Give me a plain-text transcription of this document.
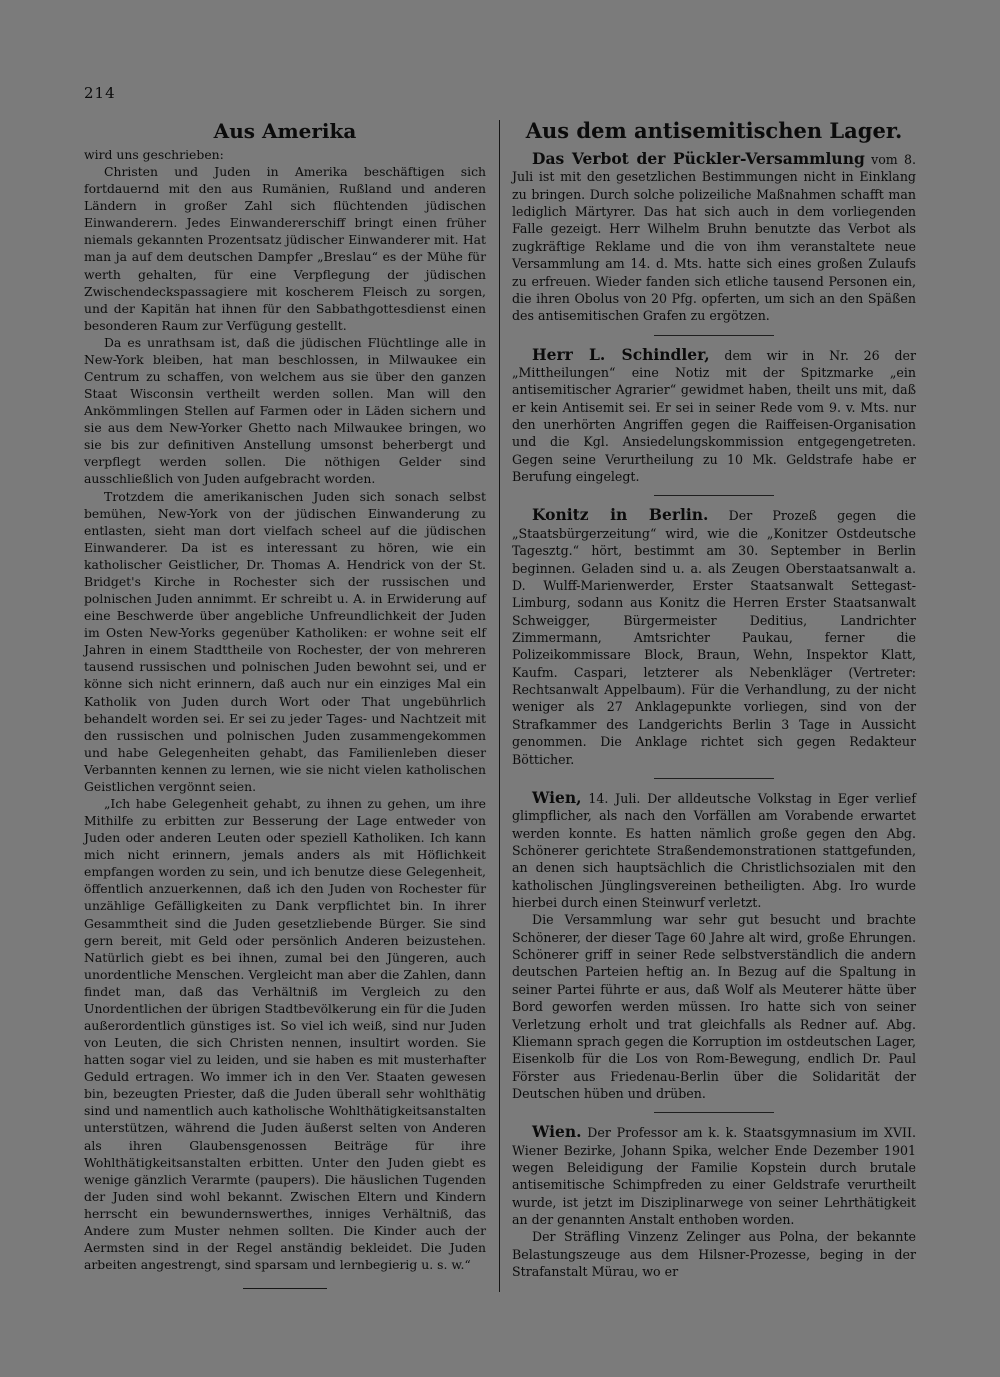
214
Aus Amerika

wird uns geschrieben:

Christen und Juden in Amerika beschäftigen sich fortdauernd mit den aus Rumänien, Rußland und anderen Ländern in großer Zahl sich flüchtenden jüdischen Einwanderern. Jedes Einwandererschiff bringt einen früher niemals gekannten Prozentsatz jüdischer Einwanderer mit. Hat man ja auf dem deutschen Dampfer „Breslau“ es der Mühe für werth gehalten, für eine Verpflegung der jüdischen Zwischendeckspassagiere mit koscherem Fleisch zu sorgen, und der Kapitän hat ihnen für den Sabbathgottesdienst einen besonderen Raum zur Verfügung gestellt.

Da es unrathsam ist, daß die jüdischen Flüchtlinge alle in New-York bleiben, hat man beschlossen, in Milwaukee ein Centrum zu schaffen, von welchem aus sie über den ganzen Staat Wisconsin vertheilt werden sollen. Man will den Ankömmlingen Stellen auf Farmen oder in Läden sichern und sie aus dem New-Yorker Ghetto nach Milwaukee bringen, wo sie bis zur definitiven Anstellung umsonst beherbergt und verpflegt werden sollen. Die nöthigen Gelder sind ausschließlich von Juden aufgebracht worden.

Trotzdem die amerikanischen Juden sich sonach selbst bemühen, New-York von der jüdischen Einwanderung zu entlasten, sieht man dort vielfach scheel auf die jüdischen Einwanderer. Da ist es interessant zu hören, wie ein katholischer Geistlicher, Dr. Thomas A. Hendrick von der St. Bridget's Kirche in Rochester sich der russischen und polnischen Juden annimmt. Er schreibt u. A. in Erwiderung auf eine Beschwerde über angebliche Unfreundlichkeit der Juden im Osten New-Yorks gegenüber Katholiken: er wohne seit elf Jahren in einem Stadttheile von Rochester, der von mehreren tausend russischen und polnischen Juden bewohnt sei, und er könne sich nicht erinnern, daß auch nur ein einziges Mal ein Katholik von Juden durch Wort oder That ungebührlich behandelt worden sei. Er sei zu jeder Tages- und Nachtzeit mit den russischen und polnischen Juden zusammengekommen und habe Gelegenheiten gehabt, das Familienleben dieser Verbannten kennen zu lernen, wie sie nicht vielen katholischen Geistlichen vergönnt seien.

„Ich habe Gelegenheit gehabt, zu ihnen zu gehen, um ihre Mithilfe zu erbitten zur Besserung der Lage entweder von Juden oder anderen Leuten oder speziell Katholiken. Ich kann mich nicht erinnern, jemals anders als mit Höflichkeit empfangen worden zu sein, und ich benutze diese Gelegenheit, öffentlich anzuerkennen, daß ich den Juden von Rochester für unzählige Gefälligkeiten zu Dank verpflichtet bin. In ihrer Gesammtheit sind die Juden gesetzliebende Bürger. Sie sind gern bereit, mit Geld oder persönlich Anderen beizustehen. Natürlich giebt es bei ihnen, zumal bei den Jüngeren, auch unordentliche Menschen. Vergleicht man aber die Zahlen, dann findet man, daß das Verhältniß im Vergleich zu den Unordentlichen der übrigen Stadtbevölkerung ein für die Juden außerordentlich günstiges ist. So viel ich weiß, sind nur Juden von Leuten, die sich Christen nennen, insultirt worden. Sie hatten sogar viel zu leiden, und sie haben es mit musterhafter Geduld ertragen. Wo immer ich in den Ver. Staaten gewesen bin, bezeugten Priester, daß die Juden überall sehr wohlthätig sind und namentlich auch katholische Wohlthätigkeitsanstalten unterstützen, während die Juden äußerst selten von Anderen als ihren Glaubensgenossen Beiträge für ihre Wohlthätigkeitsanstalten erbitten. Unter den Juden giebt es wenige gänzlich Verarmte (paupers). Die häuslichen Tugenden der Juden sind wohl bekannt. Zwischen Eltern und Kindern herrscht ein bewundernswerthes, inniges Verhältniß, das Andere zum Muster nehmen sollten. Die Kinder auch der Aermsten sind in der Regel anständig bekleidet. Die Juden arbeiten angestrengt, sind sparsam und lernbegierig u. s. w.“

Aus dem antisemitischen Lager.

Das Verbot der Pückler-Versammlung vom 8. Juli ist mit den gesetzlichen Bestimmungen nicht in Einklang zu bringen. Durch solche polizeiliche Maßnahmen schafft man lediglich Märtyrer. Das hat sich auch in dem vorliegenden Falle gezeigt. Herr Wilhelm Bruhn benutzte das Verbot als zugkräftige Reklame und die von ihm veranstaltete neue Versammlung am 14. d. Mts. hatte sich eines großen Zulaufs zu erfreuen. Wieder fanden sich etliche tausend Personen ein, die ihren Obolus von 20 Pfg. opferten, um sich an den Späßen des antisemitischen Grafen zu ergötzen.

Herr L. Schindler, dem wir in Nr. 26 der „Mittheilungen“ eine Notiz mit der Spitzmarke „ein antisemitischer Agrarier“ gewidmet haben, theilt uns mit, daß er kein Antisemit sei. Er sei in seiner Rede vom 9. v. Mts. nur den unerhörten Angriffen gegen die Raiffeisen-Organisation und die Kgl. Ansiedelungskommission entgegengetreten. Gegen seine Verurtheilung zu 10 Mk. Geldstrafe habe er Berufung eingelegt.

Konitz in Berlin. Der Prozeß gegen die „Staatsbürgerzeitung“ wird, wie die „Konitzer Ostdeutsche Tagesztg.“ hört, bestimmt am 30. September in Berlin beginnen. Geladen sind u. a. als Zeugen Oberstaatsanwalt a. D. Wulff-Marienwerder, Erster Staatsanwalt Settegast-Limburg, sodann aus Konitz die Herren Erster Staatsanwalt Schweigger, Bürgermeister Deditius, Landrichter Zimmermann, Amtsrichter Paukau, ferner die Polizeikommissare Block, Braun, Wehn, Inspektor Klatt, Kaufm. Caspari, letzterer als Nebenkläger (Vertreter: Rechtsanwalt Appelbaum). Für die Verhandlung, zu der nicht weniger als 27 Anklagepunkte vorliegen, sind von der Strafkammer des Landgerichts Berlin 3 Tage in Aussicht genommen. Die Anklage richtet sich gegen Redakteur Bötticher.

Wien, 14. Juli. Der alldeutsche Volkstag in Eger verlief glimpflicher, als nach den Vorfällen am Vorabende erwartet werden konnte. Es hatten nämlich große gegen den Abg. Schönerer gerichtete Straßendemonstrationen stattgefunden, an denen sich hauptsächlich die Christlichsozialen mit den katholischen Jünglingsvereinen betheiligten. Abg. Iro wurde hierbei durch einen Steinwurf verletzt.

Die Versammlung war sehr gut besucht und brachte Schönerer, der dieser Tage 60 Jahre alt wird, große Ehrungen. Schönerer griff in seiner Rede selbstverständlich die andern deutschen Parteien heftig an. In Bezug auf die Spaltung in seiner Partei führte er aus, daß Wolf als Meuterer hätte über Bord geworfen werden müssen. Iro hatte sich von seiner Verletzung erholt und trat gleichfalls als Redner auf. Abg. Kliemann sprach gegen die Korruption im ostdeutschen Lager, Eisenkolb für die Los von Rom-Bewegung, endlich Dr. Paul Förster aus Friedenau-Berlin über die Solidarität der Deutschen hüben und drüben.

Wien. Der Professor am k. k. Staatsgymnasium im XVII. Wiener Bezirke, Johann Spika, welcher Ende Dezember 1901 wegen Beleidigung der Familie Kopstein durch brutale antisemitische Schimpfreden zu einer Geldstrafe verurtheilt wurde, ist jetzt im Disziplinarwege von seiner Lehrthätigkeit an der genannten Anstalt enthoben worden.

Der Sträfling Vinzenz Zelinger aus Polna, der bekannte Belastungszeuge aus dem Hilsner-Prozesse, beging in der Strafanstalt Mürau, wo er
